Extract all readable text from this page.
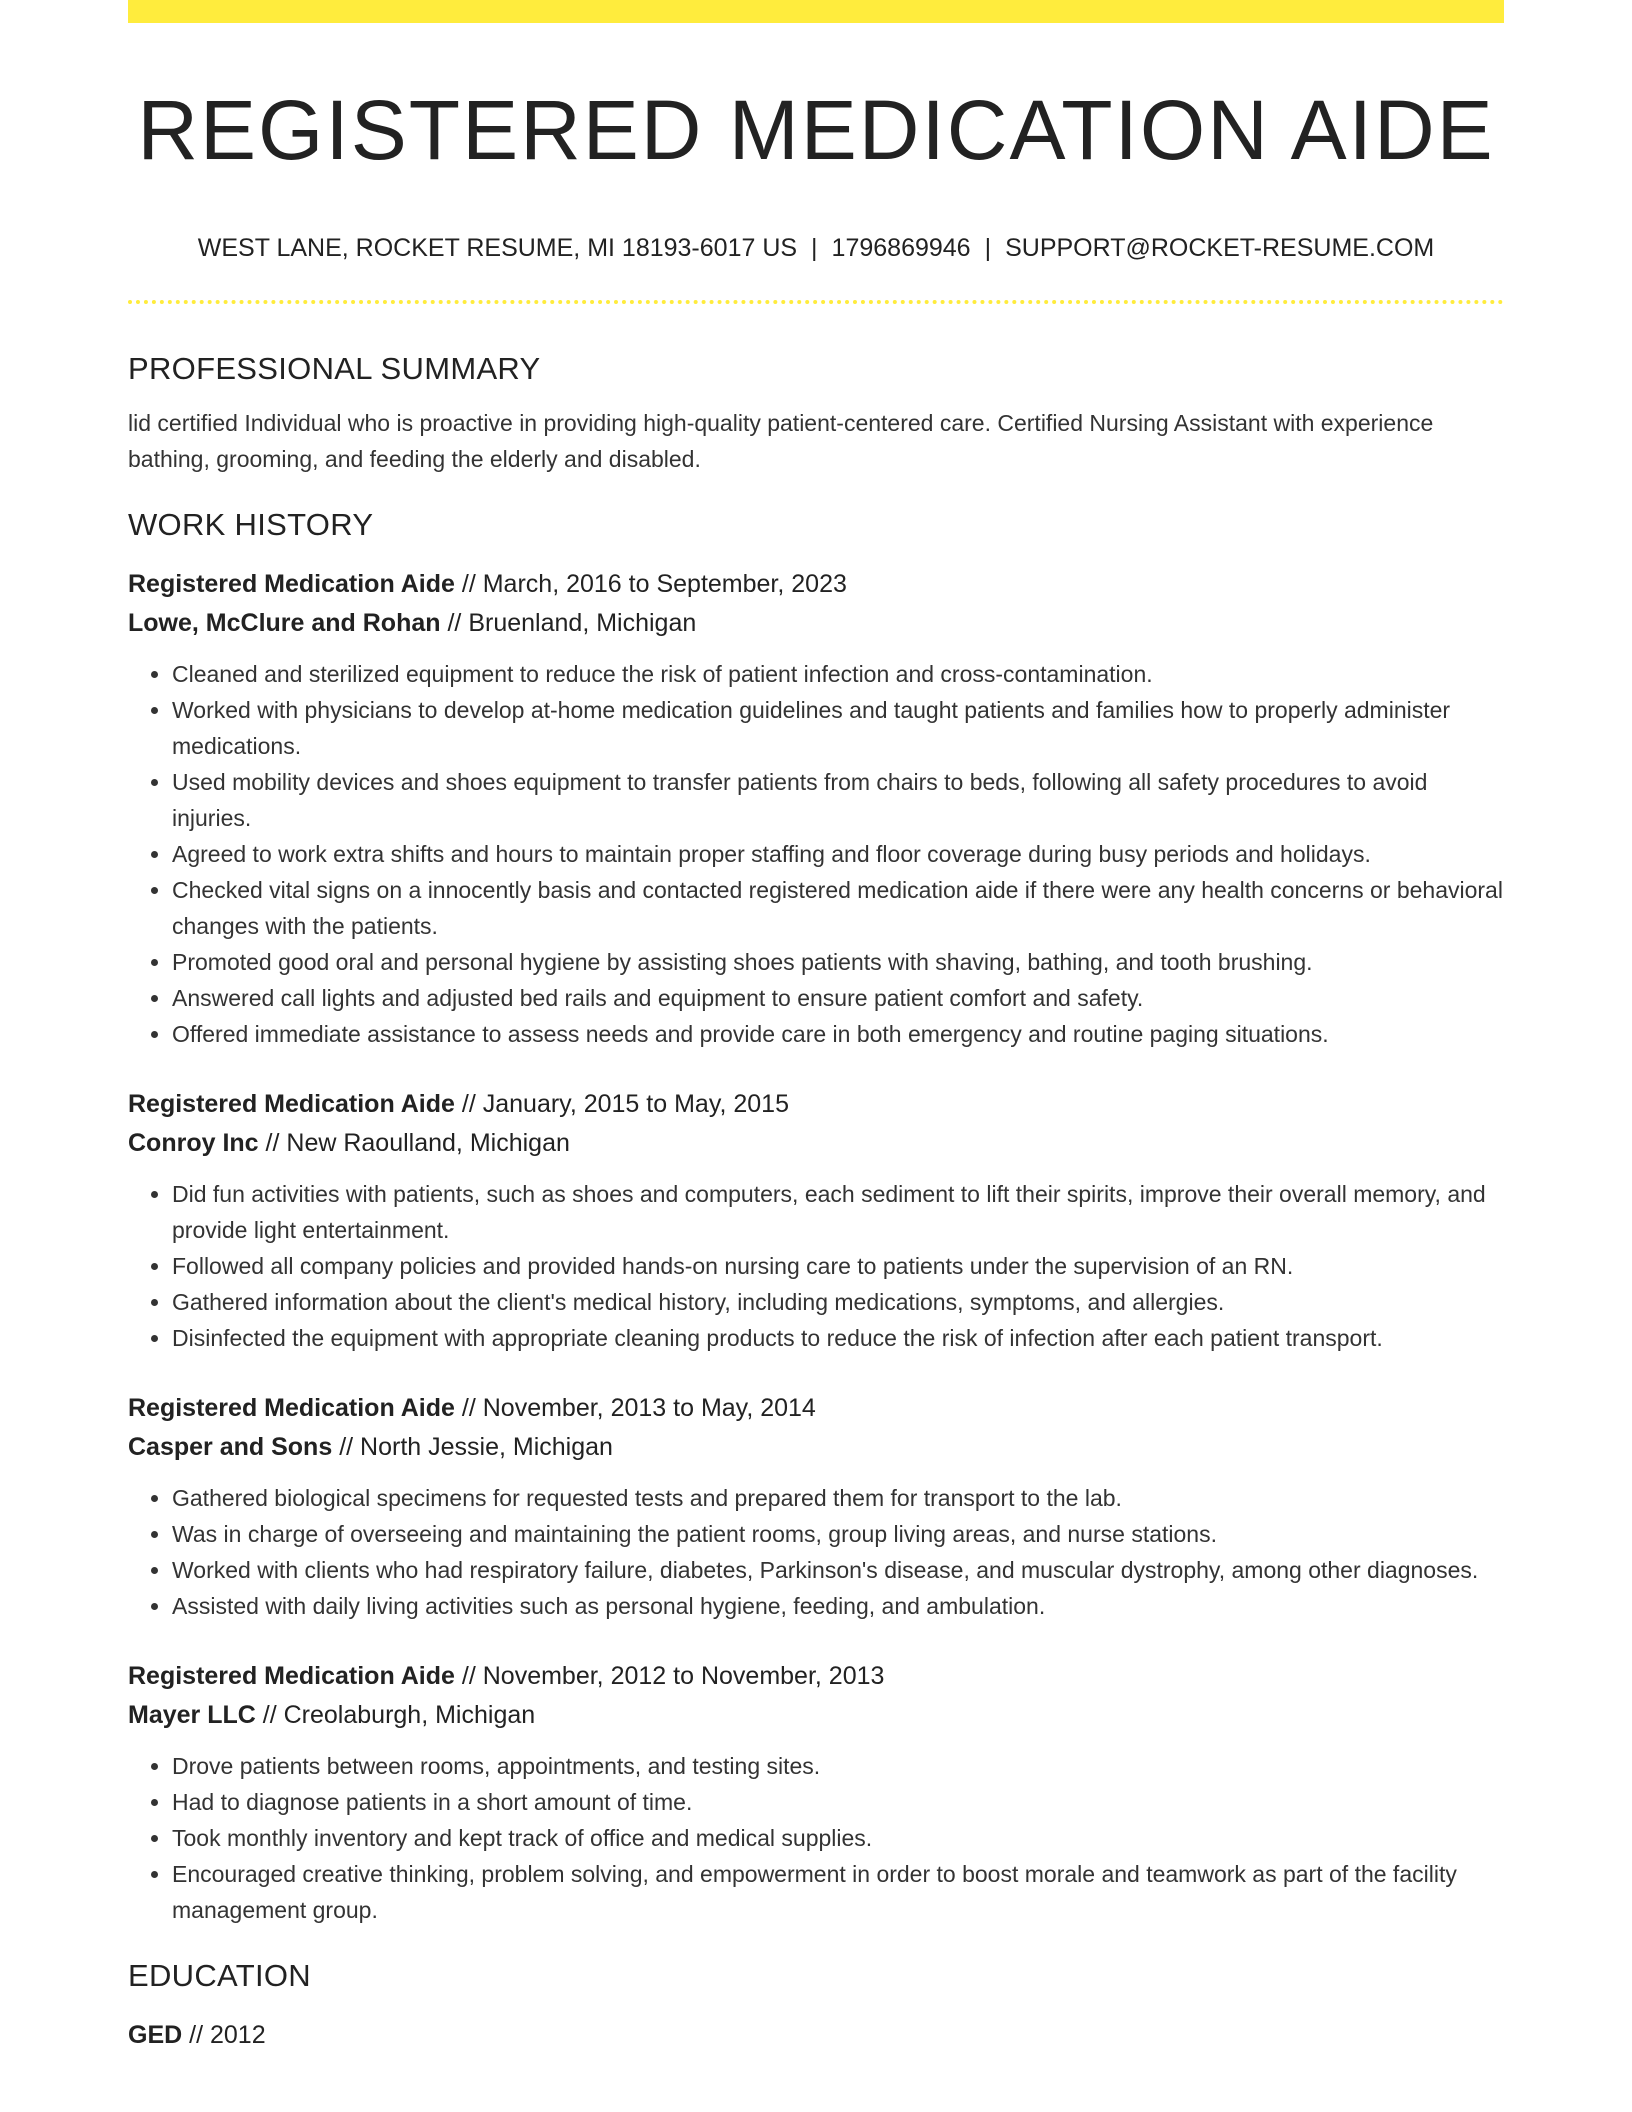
REGISTERED MEDICATION AIDE
WEST LANE, ROCKET RESUME, MI 18193-6017 US | 1796869946 | SUPPORT@ROCKET-RESUME.COM
PROFESSIONAL SUMMARY
lid certified Individual who is proactive in providing high-quality patient-centered care. Certified Nursing Assistant with experience bathing, grooming, and feeding the elderly and disabled.
WORK HISTORY
Registered Medication Aide // March, 2016 to September, 2023
Lowe, McClure and Rohan // Bruenland, Michigan
• Cleaned and sterilized equipment to reduce the risk of patient infection and cross-contamination.
• Worked with physicians to develop at-home medication guidelines and taught patients and families how to properly administer medications.
• Used mobility devices and shoes equipment to transfer patients from chairs to beds, following all safety procedures to avoid injuries.
• Agreed to work extra shifts and hours to maintain proper staffing and floor coverage during busy periods and holidays.
• Checked vital signs on a innocently basis and contacted registered medication aide if there were any health concerns or behavioral changes with the patients.
• Promoted good oral and personal hygiene by assisting shoes patients with shaving, bathing, and tooth brushing.
• Answered call lights and adjusted bed rails and equipment to ensure patient comfort and safety.
• Offered immediate assistance to assess needs and provide care in both emergency and routine paging situations.
Registered Medication Aide // January, 2015 to May, 2015
Conroy Inc // New Raoulland, Michigan
• Did fun activities with patients, such as shoes and computers, each sediment to lift their spirits, improve their overall memory, and provide light entertainment.
• Followed all company policies and provided hands-on nursing care to patients under the supervision of an RN.
• Gathered information about the client's medical history, including medications, symptoms, and allergies.
• Disinfected the equipment with appropriate cleaning products to reduce the risk of infection after each patient transport.
Registered Medication Aide // November, 2013 to May, 2014
Casper and Sons // North Jessie, Michigan
• Gathered biological specimens for requested tests and prepared them for transport to the lab.
• Was in charge of overseeing and maintaining the patient rooms, group living areas, and nurse stations.
• Worked with clients who had respiratory failure, diabetes, Parkinson's disease, and muscular dystrophy, among other diagnoses.
• Assisted with daily living activities such as personal hygiene, feeding, and ambulation.
Registered Medication Aide // November, 2012 to November, 2013
Mayer LLC // Creolaburgh, Michigan
• Drove patients between rooms, appointments, and testing sites.
• Had to diagnose patients in a short amount of time.
• Took monthly inventory and kept track of office and medical supplies.
• Encouraged creative thinking, problem solving, and empowerment in order to boost morale and teamwork as part of the facility management group.
EDUCATION
GED // 2012
